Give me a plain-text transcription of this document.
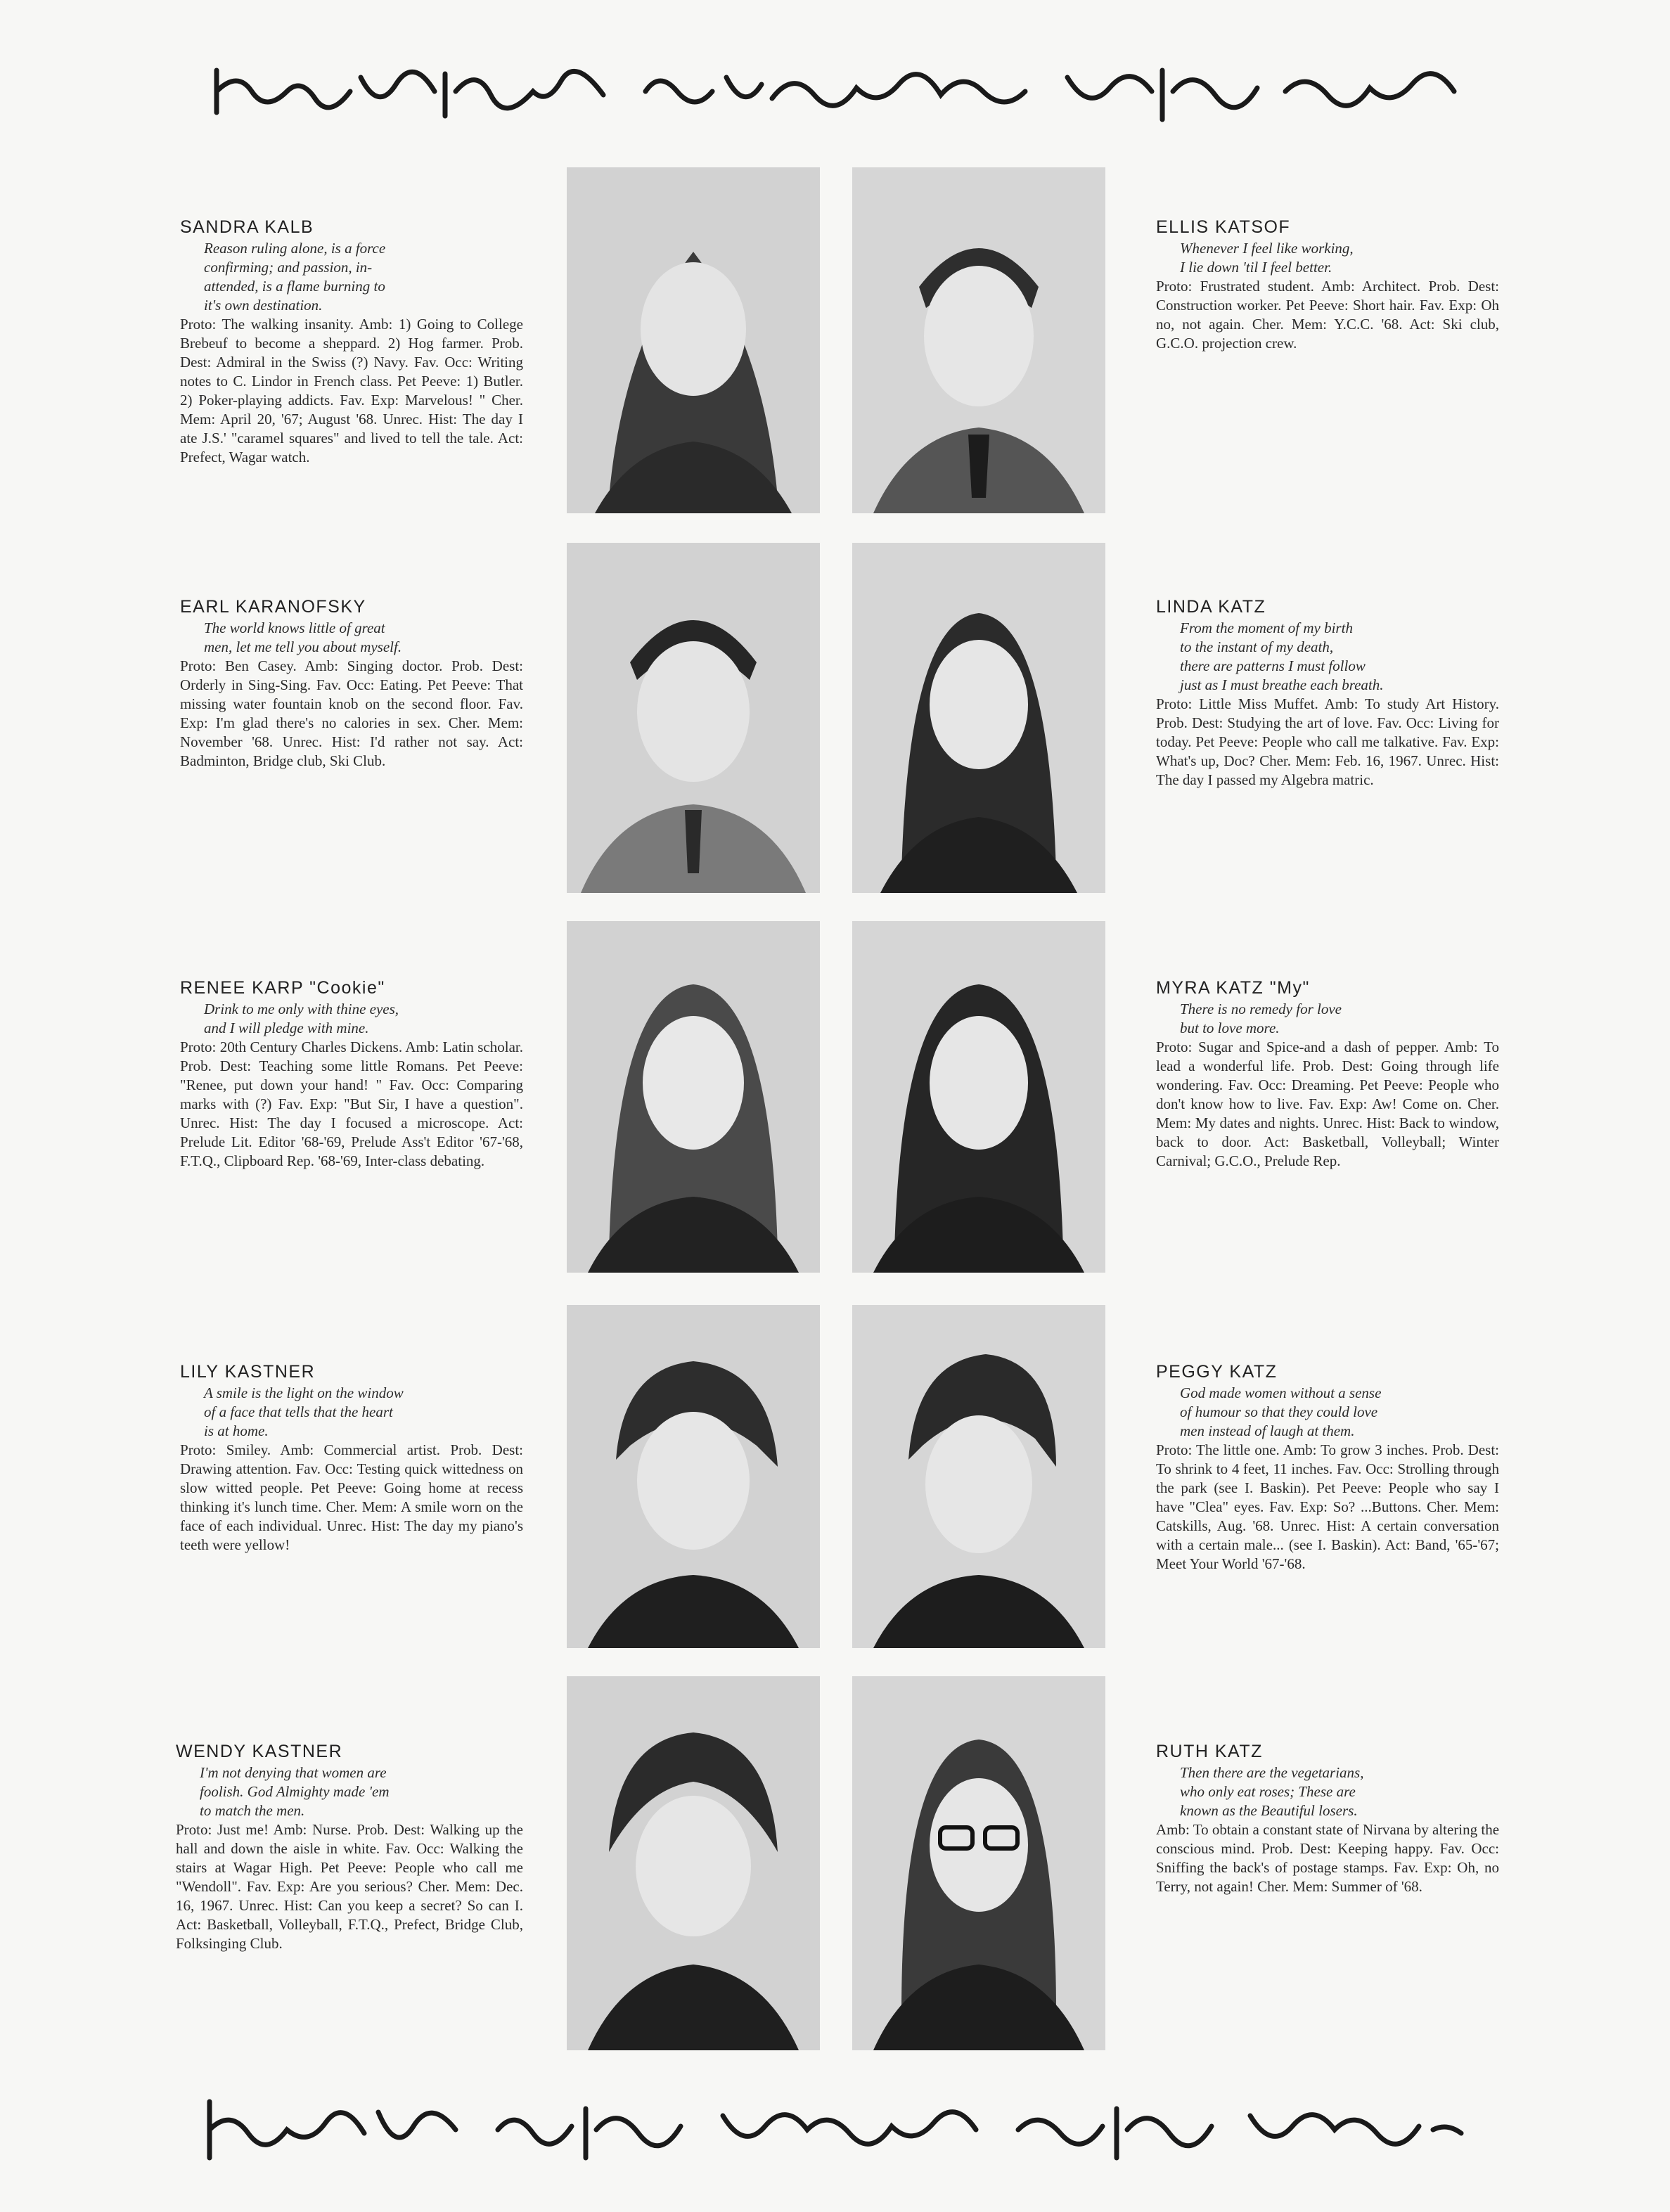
SANDRA KALB
Reason ruling alone, is a force
confirming; and passion, in-
attended, is a flame burning to
it's own destination.
Proto: The walking insanity. Amb: 1) Going to College Brebeuf to become a sheppard. 2) Hog farmer. Prob. Dest: Admiral in the Swiss (?) Navy. Fav. Occ: Writing notes to C. Lindor in French class. Pet Peeve: 1) Butler. 2) Poker-playing addicts. Fav. Exp: Marvelous! " Cher. Mem: April 20, '67; August '68. Unrec. Hist: The day I ate J.S.' "caramel squares" and lived to tell the tale. Act: Prefect, Wagar watch.
ELLIS KATSOF
Whenever I feel like working,
I lie down 'til I feel better.
Proto: Frustrated student. Amb: Architect. Prob. Dest: Construction worker. Pet Peeve: Short hair. Fav. Exp: Oh no, not again. Cher. Mem: Y.C.C. '68. Act: Ski club, G.C.O. projection crew.
EARL KARANOFSKY
The world knows little of great
men, let me tell you about myself.
Proto: Ben Casey. Amb: Singing doctor. Prob. Dest: Orderly in Sing-Sing. Fav. Occ: Eating. Pet Peeve: That missing water fountain knob on the second floor. Fav. Exp: I'm glad there's no calories in sex. Cher. Mem: November '68. Unrec. Hist: I'd rather not say. Act: Badminton, Bridge club, Ski Club.
LINDA KATZ
From the moment of my birth
to the instant of my death,
there are patterns I must follow
just as I must breathe each breath.
Proto: Little Miss Muffet. Amb: To study Art History. Prob. Dest: Studying the art of love. Fav. Occ: Living for today. Pet Peeve: People who call me talkative. Fav. Exp: What's up, Doc? Cher. Mem: Feb. 16, 1967. Unrec. Hist: The day I passed my Algebra matric.
RENEE KARP "Cookie"
Drink to me only with thine eyes,
and I will pledge with mine.
Proto: 20th Century Charles Dickens. Amb: Latin scholar. Prob. Dest: Teaching some little Romans. Pet Peeve: "Renee, put down your hand! " Fav. Occ: Comparing marks with (?) Fav. Exp: "But Sir, I have a question". Unrec. Hist: The day I focused a microscope. Act: Prelude Lit. Editor '68-'69, Prelude Ass't Editor '67-'68, F.T.Q., Clipboard Rep. '68-'69, Inter-class debating.
MYRA KATZ "My"
There is no remedy for love
but to love more.
Proto: Sugar and Spice-and a dash of pepper. Amb: To lead a wonderful life. Prob. Dest: Going through life wondering. Fav. Occ: Dreaming. Pet Peeve: People who don't know how to live. Fav. Exp: Aw! Come on. Cher. Mem: My dates and nights. Unrec. Hist: Back to window, back to door. Act: Basketball, Volleyball; Winter Carnival; G.C.O., Prelude Rep.
LILY KASTNER
A smile is the light on the window
of a face that tells that the heart
is at home.
Proto: Smiley. Amb: Commercial artist. Prob. Dest: Drawing attention. Fav. Occ: Testing quick wittedness on slow witted people. Pet Peeve: Going home at recess thinking it's lunch time. Cher. Mem: A smile worn on the face of each individual. Unrec. Hist: The day my piano's teeth were yellow!
PEGGY KATZ
God made women without a sense
of humour so that they could love
men instead of laugh at them.
Proto: The little one. Amb: To grow 3 inches. Prob. Dest: To shrink to 4 feet, 11 inches. Fav. Occ: Strolling through the park (see I. Baskin). Pet Peeve: People who say I have "Clea" eyes. Fav. Exp: So? ...Buttons. Cher. Mem: Catskills, Aug. '68. Unrec. Hist: A certain conversation with a certain male... (see I. Baskin). Act: Band, '65-'67; Meet Your World '67-'68.
WENDY KASTNER
I'm not denying that women are
foolish. God Almighty made 'em
to match the men.
Proto: Just me! Amb: Nurse. Prob. Dest: Walking up the hall and down the aisle in white. Fav. Occ: Walking the stairs at Wagar High. Pet Peeve: People who call me "Wendoll". Fav. Exp: Are you serious? Cher. Mem: Dec. 16, 1967. Unrec. Hist: Can you keep a secret? So can I. Act: Basketball, Volleyball, F.T.Q., Prefect, Bridge Club, Folksinging Club.
RUTH KATZ
Then there are the vegetarians,
who only eat roses; These are
known as the Beautiful losers.
Amb: To obtain a constant state of Nirvana by altering the conscious mind. Prob. Dest: Keeping happy. Fav. Occ: Sniffing the back's of postage stamps. Fav. Exp: Oh, no Terry, not again! Cher. Mem: Summer of '68.
